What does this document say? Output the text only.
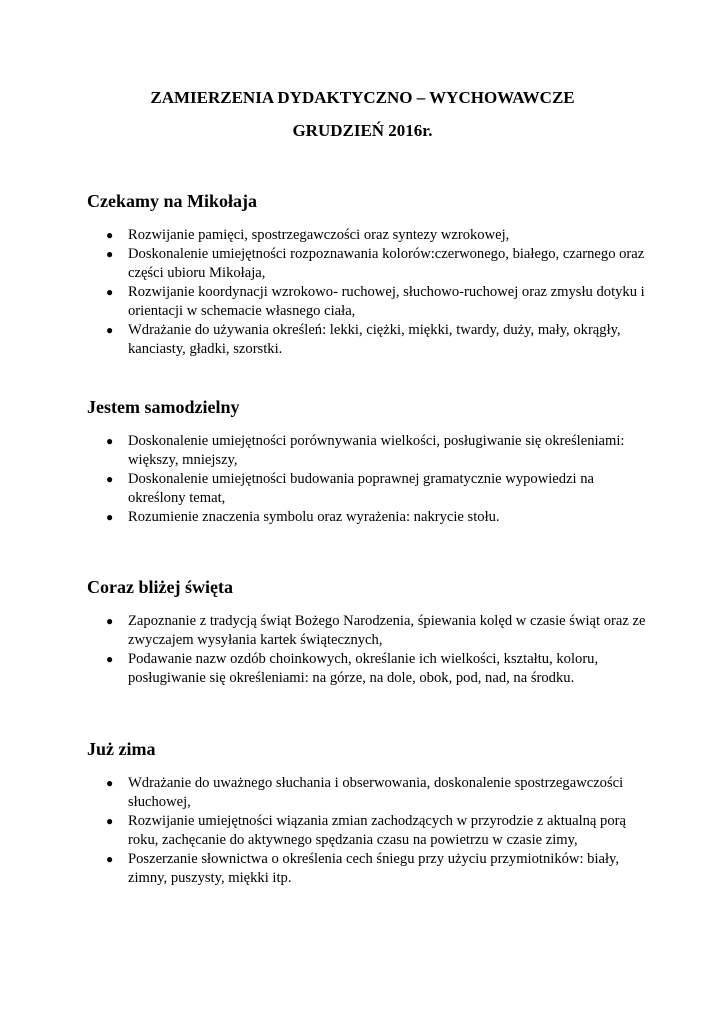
ZAMIERZENIA DYDAKTYCZNO – WYCHOWAWCZE
GRUDZIEŃ 2016r.
Czekamy na Mikołaja
● Rozwijanie pamięci, spostrzegawczości oraz syntezy wzrokowej,
● Doskonalenie umiejętności rozpoznawania kolorów:czerwonego, białego, czarnego oraz części ubioru Mikołaja,
● Rozwijanie koordynacji wzrokowo- ruchowej, słuchowo-ruchowej oraz zmysłu dotyku i orientacji w schemacie własnego ciała,
● Wdrażanie do używania określeń: lekki, ciężki, miękki, twardy, duży, mały, okrągły, kanciasty, gładki, szorstki.
Jestem samodzielny
● Doskonalenie umiejętności porównywania wielkości, posługiwanie się określeniami: większy, mniejszy,
● Doskonalenie umiejętności budowania poprawnej gramatycznie wypowiedzi na określony temat,
● Rozumienie znaczenia symbolu oraz wyrażenia: nakrycie stołu.
Coraz bliżej święta
● Zapoznanie z tradycją świąt Bożego Narodzenia, śpiewania kolęd w czasie świąt oraz ze zwyczajem wysyłania kartek świątecznych,
● Podawanie nazw ozdób choinkowych, określanie ich wielkości, kształtu, koloru, posługiwanie się określeniami: na górze, na dole, obok, pod, nad, na środku.
Już zima
● Wdrażanie do uważnego słuchania i obserwowania, doskonalenie spostrzegawczości słuchowej,
● Rozwijanie umiejętności wiązania zmian zachodzących w przyrodzie z aktualną porą roku, zachęcanie do aktywnego spędzania czasu na powietrzu w czasie zimy,
● Poszerzanie słownictwa o określenia cech śniegu przy użyciu przymiotników: biały, zimny, puszysty, miękki itp.
